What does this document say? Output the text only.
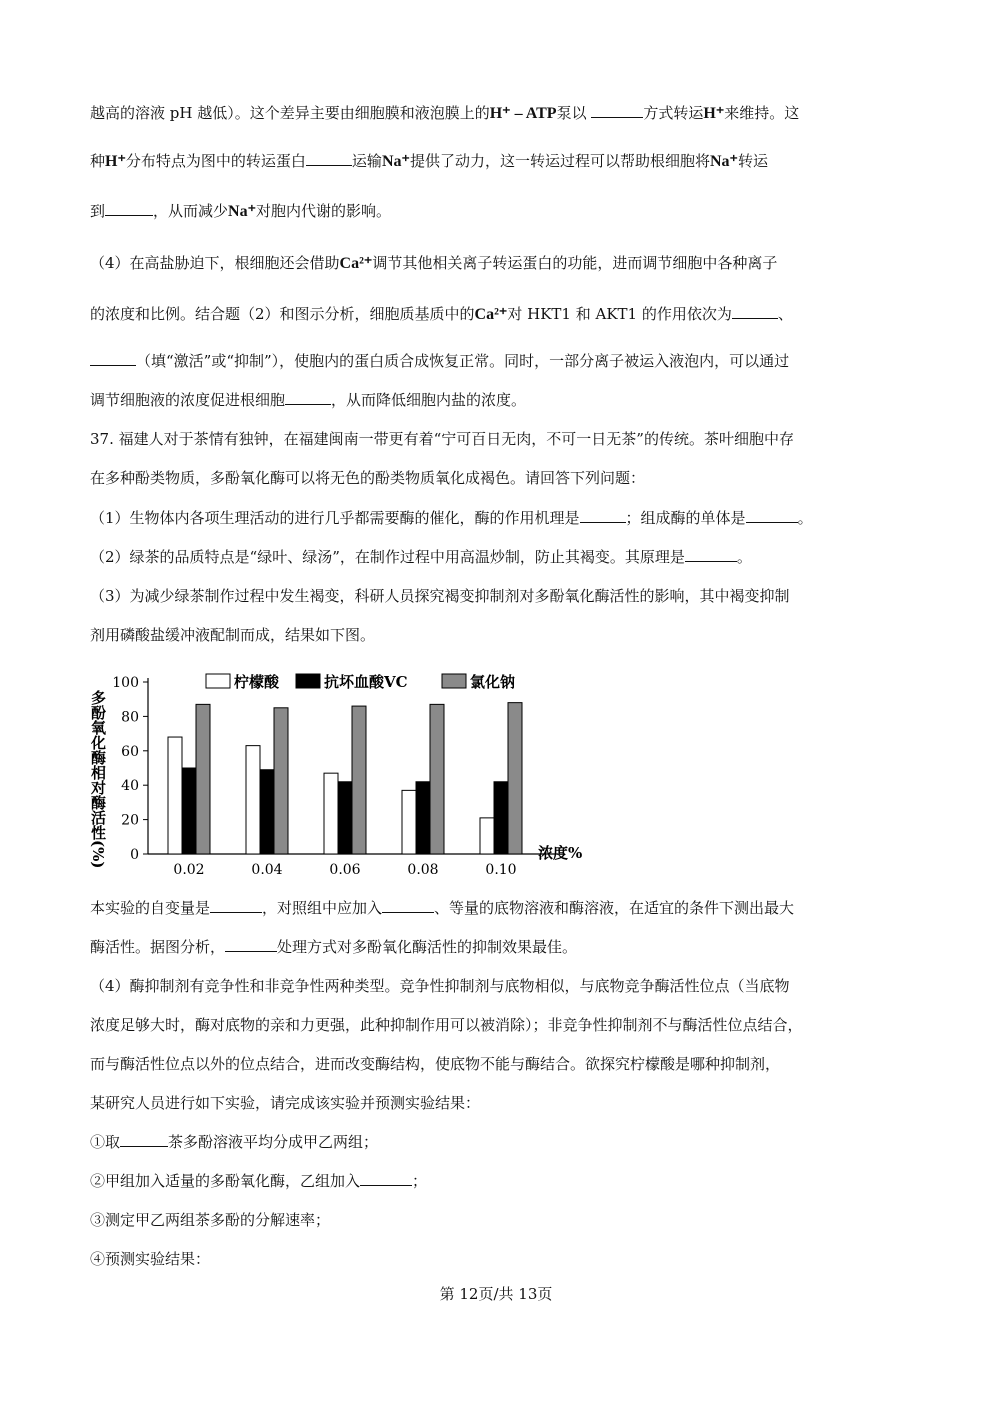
越高的溶液 pH 越低）。这个差异主要由细胞膜和液泡膜上的H⁺ – ATP泵以	方式转运H⁺来维持。这
种H⁺分布特点为图中的转运蛋白	运输Na⁺提供了动力，这一转运过程可以帮助根细胞将Na⁺转运
到	，从而减少Na⁺对胞内代谢的影响。
（4）在高盐胁迫下，根细胞还会借助Ca²⁺调节其他相关离子转运蛋白的功能，进而调节细胞中各种离子
的浓度和比例。结合题（2）和图示分析，细胞质基质中的Ca²⁺对 HKT1 和 AKT1 的作用依次为	、
（填“激活”或“抑制”），使胞内的蛋白质合成恢复正常。同时，一部分离子被运入液泡内，可以通过
调节细胞液的浓度促进根细胞	，从而降低细胞内盐的浓度。
37. 福建人对于茶情有独钟，在福建闽南一带更有着“宁可百日无肉，不可一日无茶”的传统。茶叶细胞中存
在多种酚类物质，多酚氧化酶可以将无色的酚类物质氧化成褐色。请回答下列问题：
（1）生物体内各项生理活动的进行几乎都需要酶的催化，酶的作用机理是	；组成酶的单体是	。
（2）绿茶的品质特点是“绿叶、绿汤”，在制作过程中用高温炒制，防止其褐变。其原理是	。
（3）为减少绿茶制作过程中发生褐变，科研人员探究褐变抑制剂对多酚氧化酶活性的影响，其中褐变抑制
剂用磷酸盐缓冲液配制而成，结果如下图。
多酚氧化酶相对酶活性(%) 0
20
40
60
80
100
0.02	0.04	0.06	0.08	0.10
浓度%
柠檬酸	抗坏血酸VC	氯化钠
本实验的自变量是	，对照组中应加入	、等量的底物溶液和酶溶液，在适宜的条件下测出最大
酶活性。据图分析，	处理方式对多酚氧化酶活性的抑制效果最佳。
（4）酶抑制剂有竞争性和非竞争性两种类型。竞争性抑制剂与底物相似，与底物竞争酶活性位点（当底物
浓度足够大时，酶对底物的亲和力更强，此种抑制作用可以被消除）；非竞争性抑制剂不与酶活性位点结合，
而与酶活性位点以外的位点结合，进而改变酶结构，使底物不能与酶结合。欲探究柠檬酸是哪种抑制剂，
某研究人员进行如下实验，请完成该实验并预测实验结果：
①取	茶多酚溶液平均分成甲乙两组；
②甲组加入适量的多酚氧化酶，乙组加入	；
③测定甲乙两组茶多酚的分解速率；
④预测实验结果：
第 12页/共 13页
